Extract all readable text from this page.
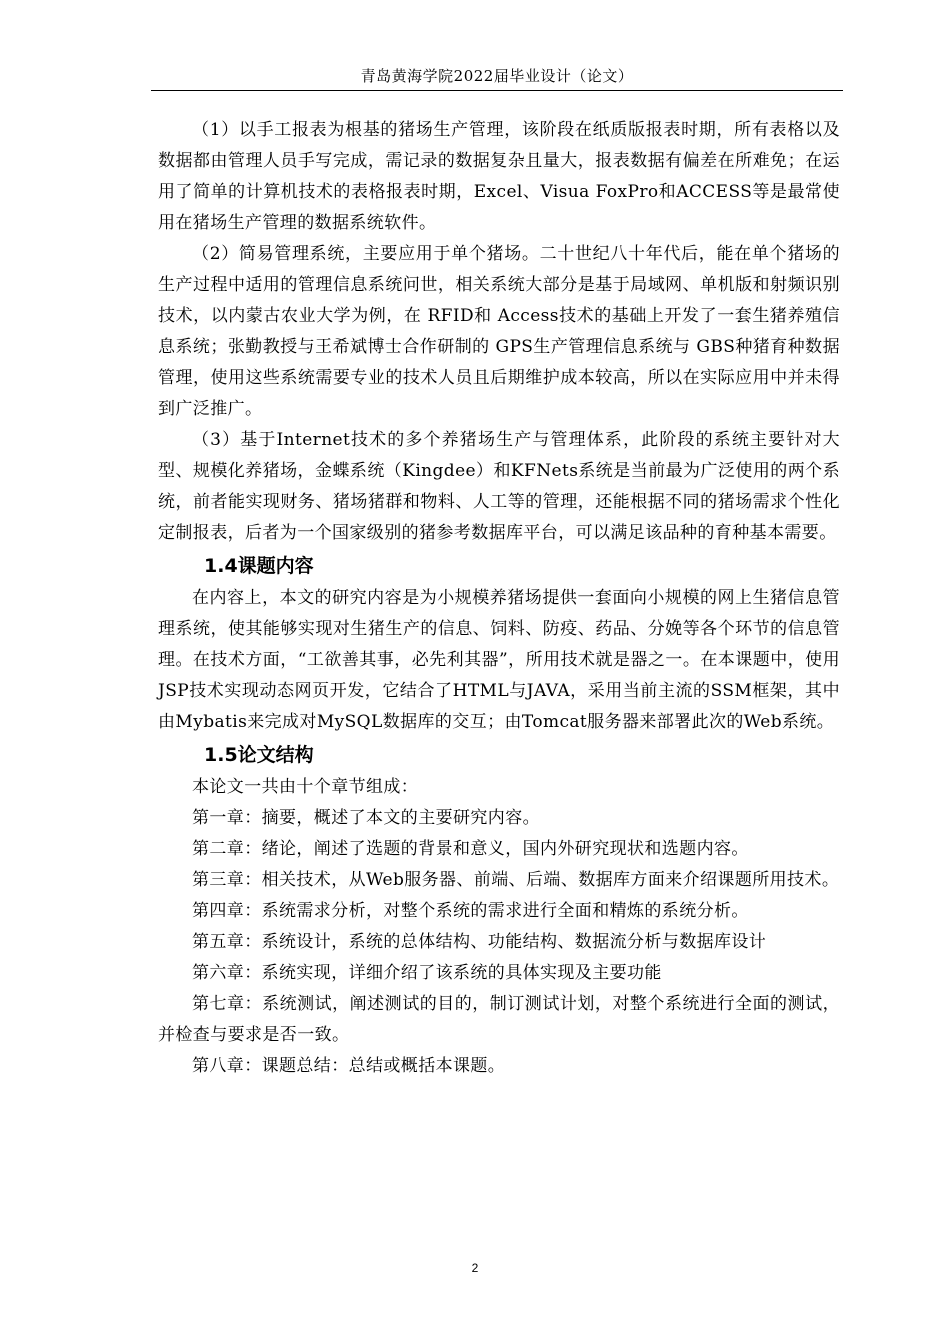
青岛黄海学院2022届毕业设计（论文）

（1）以手工报表为根基的猪场生产管理，该阶段在纸质版报表时期，所有表格以及数据都由管理人员手写完成，需记录的数据复杂且量大，报表数据有偏差在所难免；在运用了简单的计算机技术的表格报表时期，Excel、Visua FoxPro和ACCESS等是最常使用在猪场生产管理的数据系统软件。

（2）简易管理系统，主要应用于单个猪场。二十世纪八十年代后，能在单个猪场的生产过程中适用的管理信息系统问世，相关系统大部分是基于局域网、单机版和射频识别技术，以内蒙古农业大学为例，在 RFID和 Access技术的基础上开发了一套生猪养殖信息系统；张勤教授与王希斌博士合作研制的 GPS生产管理信息系统与 GBS种猪育种数据管理，使用这些系统需要专业的技术人员且后期维护成本较高，所以在实际应用中并未得到广泛推广。

（3）基于Internet技术的多个养猪场生产与管理体系，此阶段的系统主要针对大型、规模化养猪场，金蝶系统（Kingdee）和KFNets系统是当前最为广泛使用的两个系统，前者能实现财务、猪场猪群和物料、人工等的管理，还能根据不同的猪场需求个性化定制报表，后者为一个国家级别的猪参考数据库平台，可以满足该品种的育种基本需要。

1.4课题内容

在内容上，本文的研究内容是为小规模养猪场提供一套面向小规模的网上生猪信息管理系统，使其能够实现对生猪生产的信息、饲料、防疫、药品、分娩等各个环节的信息管理。在技术方面，“工欲善其事，必先利其器”，所用技术就是器之一。在本课题中，使用JSP技术实现动态网页开发，它结合了HTML与JAVA，采用当前主流的SSM框架，其中由Mybatis来完成对MySQL数据库的交互；由Tomcat服务器来部署此次的Web系统。

1.5论文结构

本论文一共由十个章节组成：

第一章：摘要，概述了本文的主要研究内容。

第二章：绪论，阐述了选题的背景和意义，国内外研究现状和选题内容。

第三章：相关技术，从Web服务器、前端、后端、数据库方面来介绍课题所用技术。

第四章：系统需求分析，对整个系统的需求进行全面和精炼的系统分析。

第五章：系统设计，系统的总体结构、功能结构、数据流分析与数据库设计

第六章：系统实现，详细介绍了该系统的具体实现及主要功能

第七章：系统测试，阐述测试的目的，制订测试计划，对整个系统进行全面的测试，并检查与要求是否一致。

第八章：课题总结：总结或概括本课题。

2
